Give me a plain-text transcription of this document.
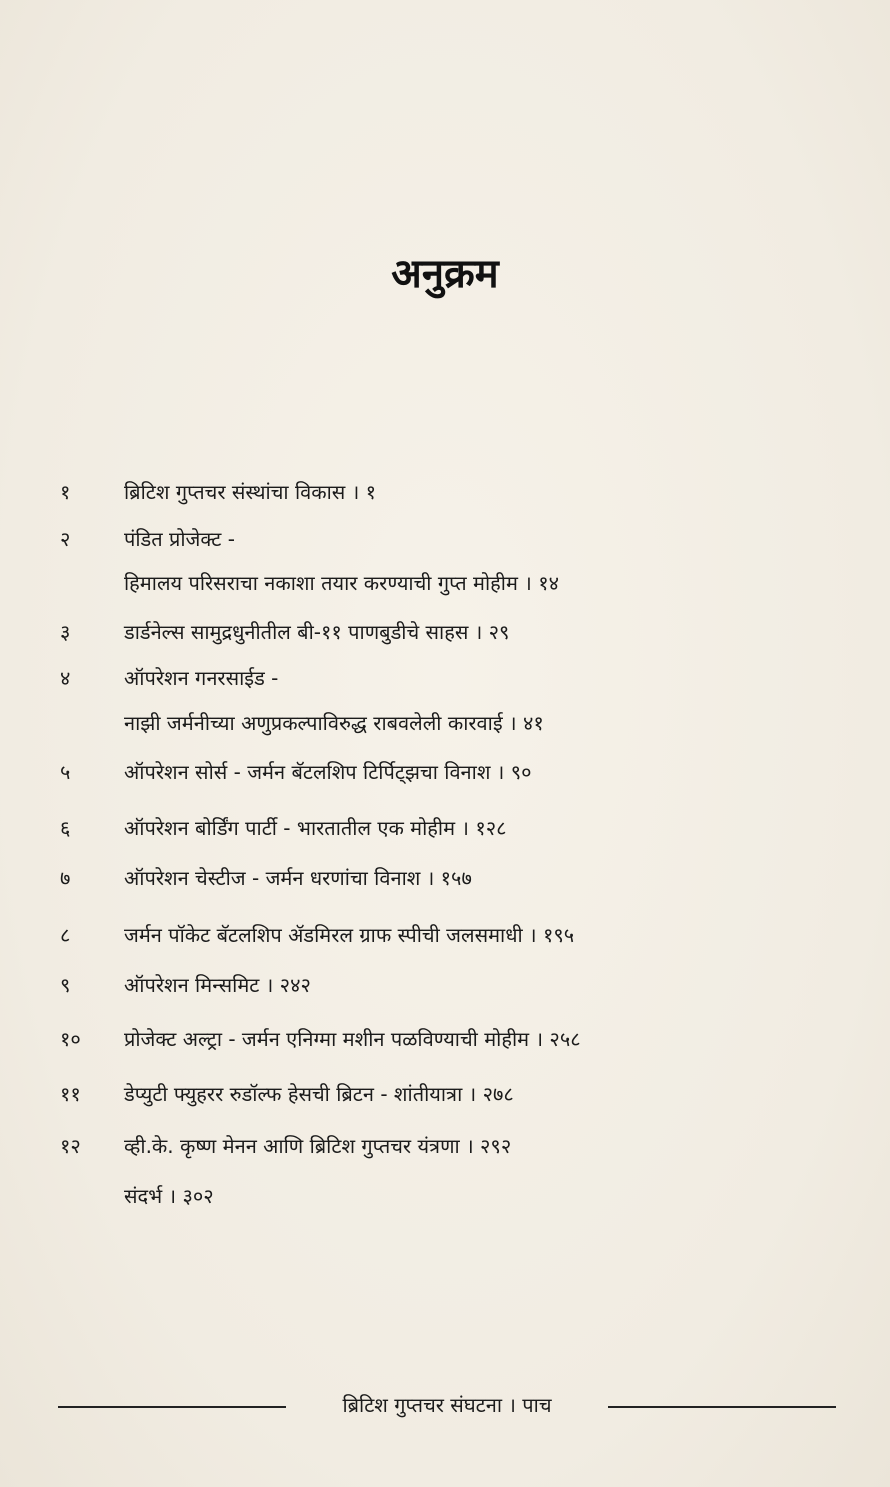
अनुक्रम
१	ब्रिटिश गुप्तचर संस्थांचा विकास । १
२	पंडित प्रोजेक्ट -
हिमालय परिसराचा नकाशा तयार करण्याची गुप्त मोहीम । १४
३	डार्डनेल्स सामुद्रधुनीतील बी-११ पाणबुडीचे साहस । २९
४	ऑपरेशन गनरसाईड -
नाझी जर्मनीच्या अणुप्रकल्पाविरुद्ध राबवलेली कारवाई । ४१
५	ऑपरेशन सोर्स - जर्मन बॅटलशिप टिर्पिट्झचा विनाश । ९०
६	ऑपरेशन बोर्डिंग पार्टी - भारतातील एक मोहीम । १२८
७	ऑपरेशन चेस्टीज - जर्मन धरणांचा विनाश । १५७
८	जर्मन पॉकेट बॅटलशिप ॲडमिरल ग्राफ स्पीची जलसमाधी । १९५
९	ऑपरेशन मिन्समिट । २४२
१०	प्रोजेक्ट अल्ट्रा - जर्मन एनिग्मा मशीन पळविण्याची मोहीम । २५८
११	डेप्युटी फ्युहरर रुडॉल्फ हेसची ब्रिटन - शांतीयात्रा । २७८
१२	व्ही.के. कृष्ण मेनन आणि ब्रिटिश गुप्तचर यंत्रणा । २९२
संदर्भ । ३०२
ब्रिटिश गुप्तचर संघटना । पाच
